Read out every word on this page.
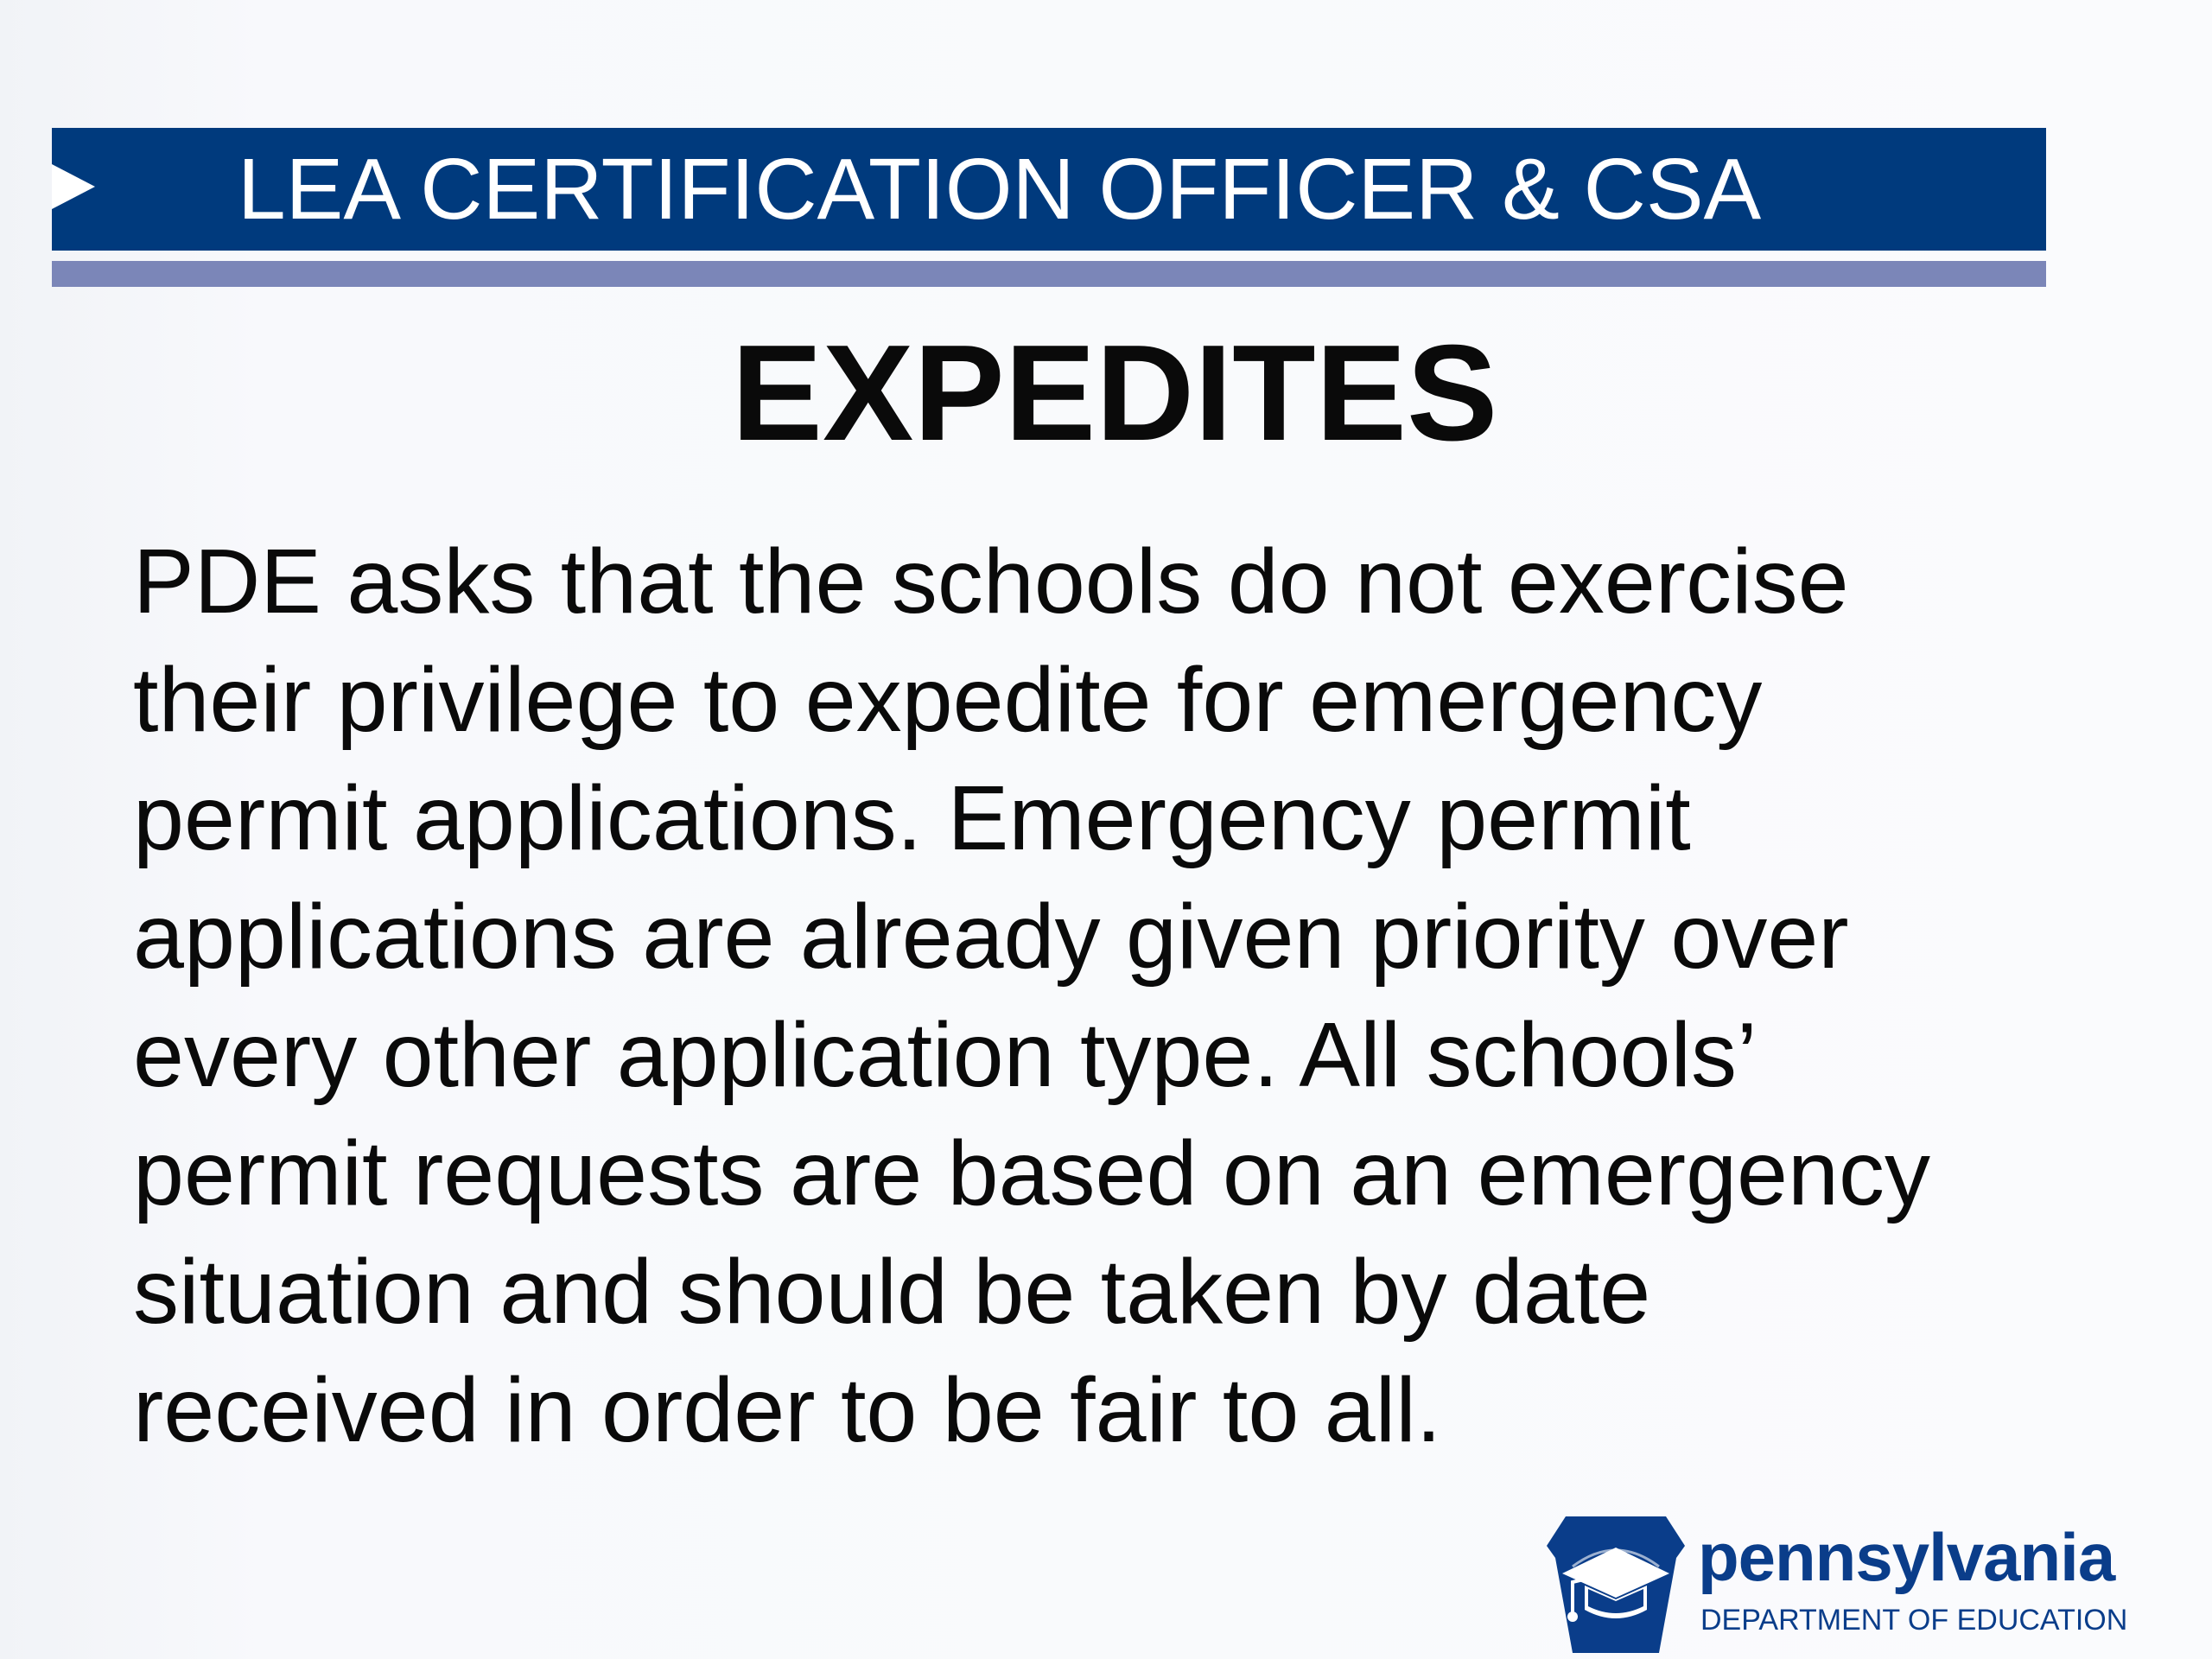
LEA CERTIFICATION OFFICER & CSA
EXPEDITES
PDE asks that the schools do not exercise
their privilege to expedite for emergency
permit applications. Emergency permit
applications are already given priority over
every other application type. All schools’
permit requests are based on an emergency
situation and should be taken by date
received in order to be fair to all.
pennsylvania
DEPARTMENT OF EDUCATION
